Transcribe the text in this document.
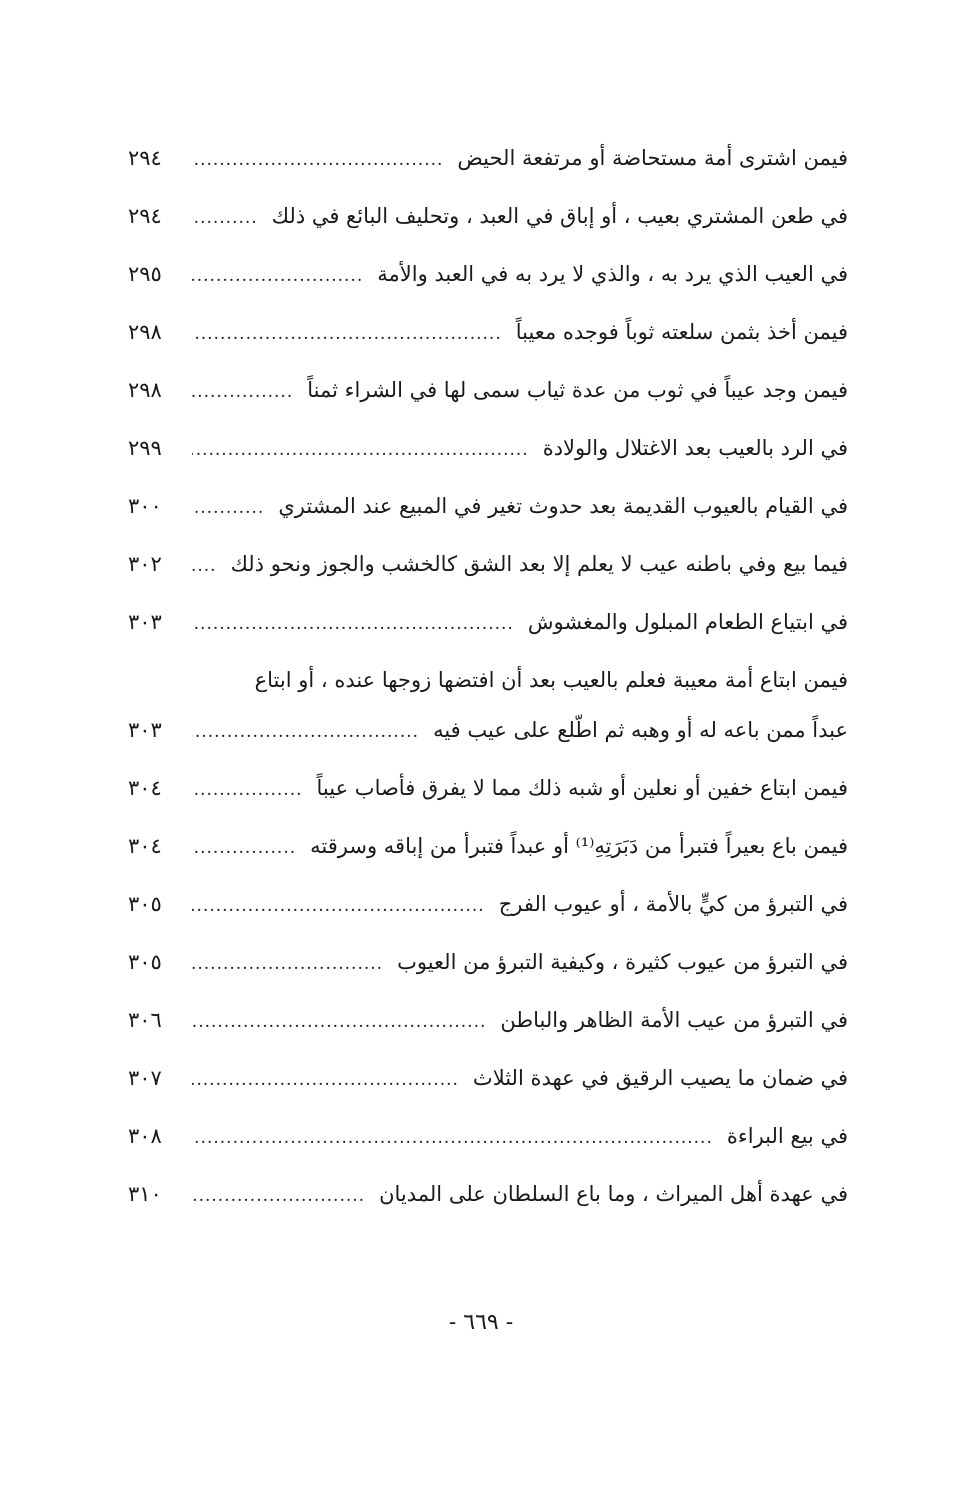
فيمن اشترى أمة مستحاضة أو مرتفعة الحيض
.....
٢٩٤
في طعن المشتري بعيب ، أو إباق في العبد ، وتحليف البائع في ذلك
.....
٢٩٤
في العيب الذي يرد به ، والذي لا يرد به في العبد والأمة
.....
٢٩٥
فيمن أخذ بثمن سلعته ثوباً فوجده معيباً
.....
٢٩٨
فيمن وجد عيباً في ثوب من عدة ثياب سمى لها في الشراء ثمناً
.....
٢٩٨
في الرد بالعيب بعد الاغتلال والولادة
.....
٢٩٩
في القيام بالعيوب القديمة بعد حدوث تغير في المبيع عند المشتري
.....
٣٠٠
فيما بيع وفي باطنه عيب لا يعلم إلا بعد الشق كالخشب والجوز ونحو ذلك
.....
٣٠٢
في ابتياع الطعام المبلول والمغشوش
.....
٣٠٣
فيمن ابتاع أمة معيبة فعلم بالعيب بعد أن افتضها زوجها عنده ، أو ابتاع
عبداً ممن باعه له أو وهبه ثم اطّلع على عيب فيه
.....
٣٠٣
فيمن ابتاع خفين أو نعلين أو شبه ذلك مما لا يفرق فأصاب عيباً
.....
٣٠٤
فيمن باع بعيراً فتبرأ من دَبَرَتِهِ⁽¹⁾ أو عبداً فتبرأ من إباقه وسرقته
.....
٣٠٤
في التبرؤ من كيٍّ بالأمة ، أو عيوب الفرج
.....
٣٠٥
في التبرؤ من عيوب كثيرة ، وكيفية التبرؤ من العيوب
.....
٣٠٥
في التبرؤ من عيب الأمة الظاهر والباطن
.....
٣٠٦
في ضمان ما يصيب الرقيق في عهدة الثلاث
.....
٣٠٧
في بيع البراءة
.....
٣٠٨
في عهدة أهل الميراث ، وما باع السلطان على المديان
.....
٣١٠
- ٦٦٩ -
